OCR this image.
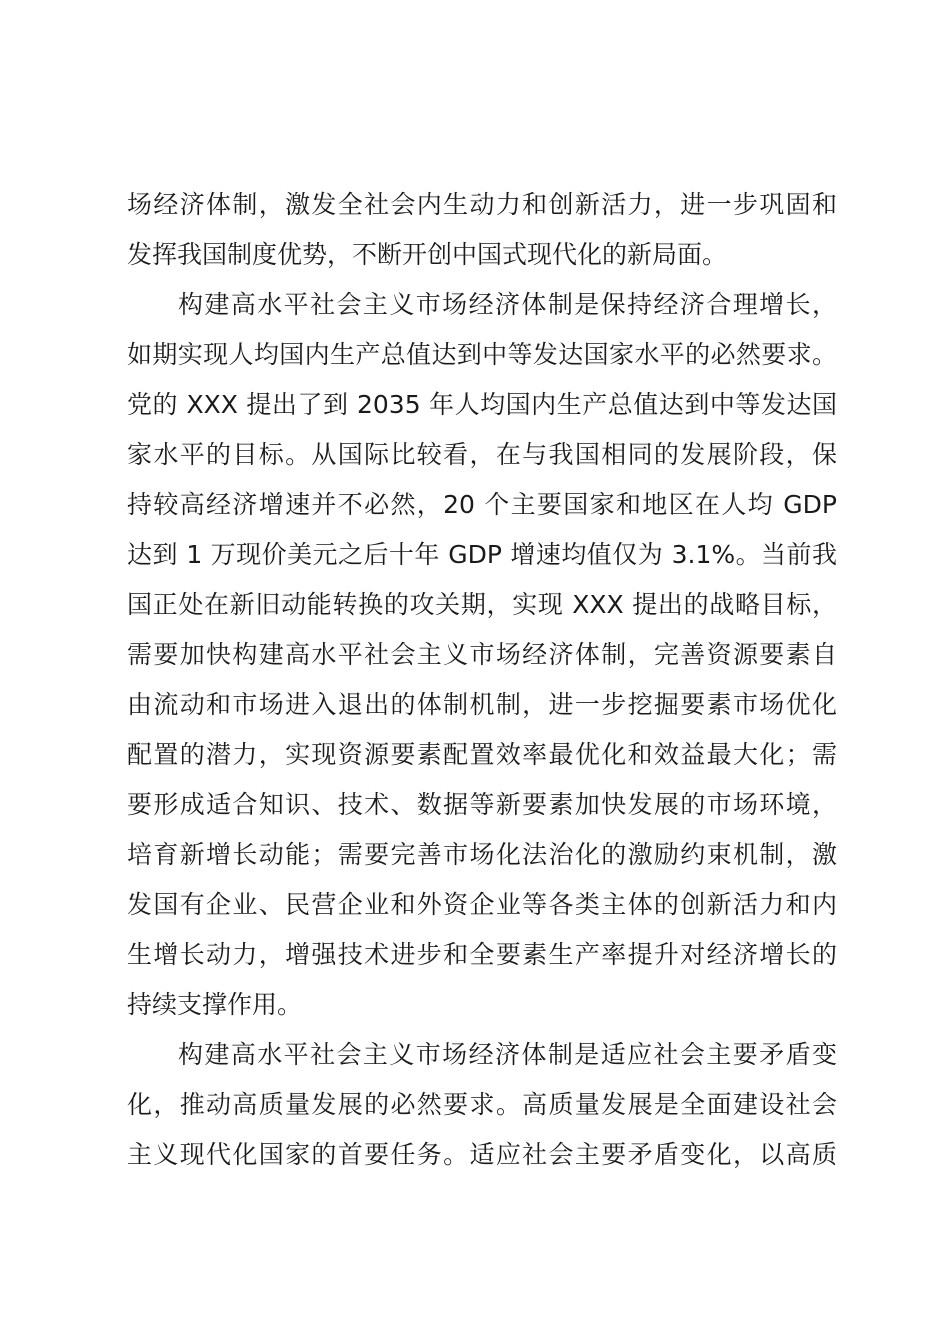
场经济体制，激发全社会内生动力和创新活力，进一步巩固和
发挥我国制度优势，不断开创中国式现代化的新局面。
构建高水平社会主义市场经济体制是保持经济合理增长，
如期实现人均国内生产总值达到中等发达国家水平的必然要求。
党的 XXX 提出了到 2035 年人均国内生产总值达到中等发达国
家水平的目标。从国际比较看，在与我国相同的发展阶段，保
持较高经济增速并不必然，20 个主要国家和地区在人均 GDP
达到 1 万现价美元之后十年 GDP 增速均值仅为 3.1%。当前我
国正处在新旧动能转换的攻关期，实现 XXX 提出的战略目标，
需要加快构建高水平社会主义市场经济体制，完善资源要素自
由流动和市场进入退出的体制机制，进一步挖掘要素市场优化
配置的潜力，实现资源要素配置效率最优化和效益最大化；需
要形成适合知识、技术、数据等新要素加快发展的市场环境，
培育新增长动能；需要完善市场化法治化的激励约束机制，激
发国有企业、民营企业和外资企业等各类主体的创新活力和内
生增长动力，增强技术进步和全要素生产率提升对经济增长的
持续支撑作用。
构建高水平社会主义市场经济体制是适应社会主要矛盾变
化，推动高质量发展的必然要求。高质量发展是全面建设社会
主义现代化国家的首要任务。适应社会主要矛盾变化，以高质
